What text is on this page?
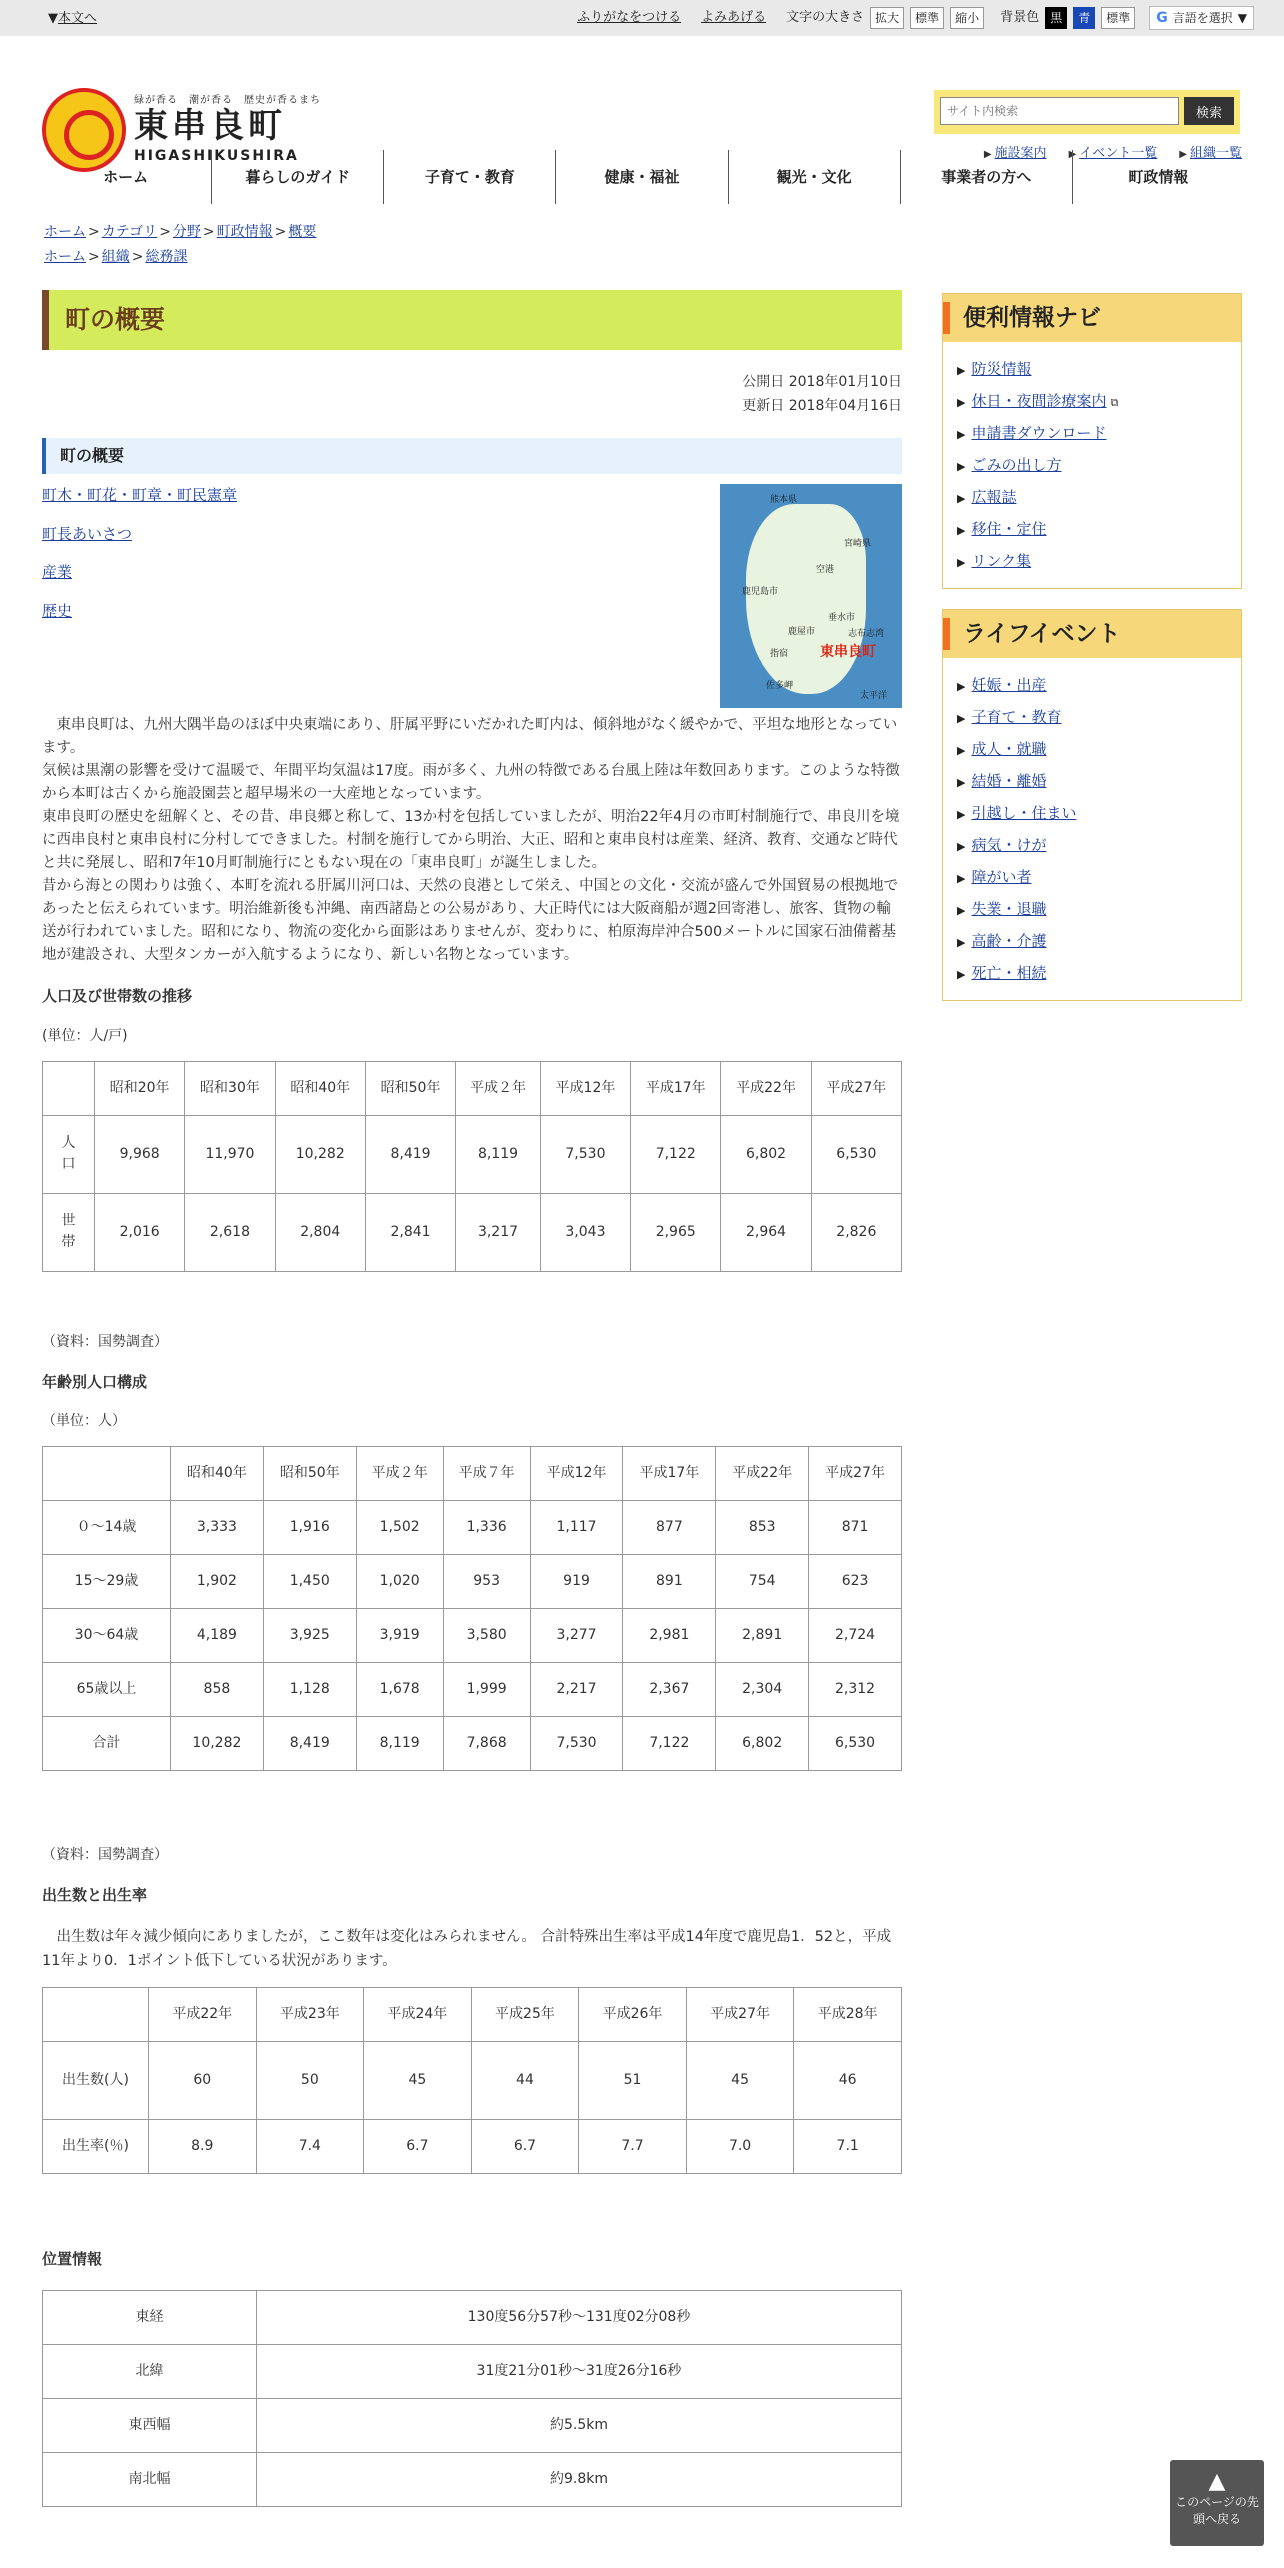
▼本文へ	ふりがなをつける よみあげる 文字の大きさ 拡大	標準	縮小	背景色 黒	青	標準	G 言語を選択 ▼
緑が香る　潮が香る　歴史が香るまち
東串良町
HIGASHIKUSHIRA
サイト内検索
検索
▶ 施設案内 ▶ イベント一覧 ▶ 組織一覧
ホーム	暮らしのガイド	子育て・教育	健康・福祉	観光・文化	事業者の方へ	町政情報
ホーム > カテゴリ > 分野 > 町政情報 > 概要
ホーム > 組織 > 総務課
町の概要
公開日 2018年01月10日
更新日 2018年04月16日
町の概要
町木・町花・町章・町民憲章
町長あいさつ
産業
歴史
熊本県
宮崎県
空港
鹿児島市
垂水市
鹿屋市	志布志湾
東串良町
指宿
佐多岬
太平洋

　東串良町は、九州大隅半島のほぼ中央東端にあり、肝属平野にいだかれた町内は、傾斜地がなく緩やかで、平坦な地形となっています。

気候は黒潮の影響を受けて温暖で、年間平均気温は17度。雨が多く、九州の特徴である台風上陸は年数回あります。このような特徴から本町は古くから施設園芸と超早場米の一大産地となっています。

東串良町の歴史を紐解くと、その昔、串良郷と称して、13か村を包括していましたが、明治22年4月の市町村制施行で、串良川を境に西串良村と東串良村に分村してできました。村制を施行してから明治、大正、昭和と東串良村は産業、経済、教育、交通など時代と共に発展し、昭和7年10月町制施行にともない現在の「東串良町」が誕生しました。

昔から海との関わりは強く、本町を流れる肝属川河口は、天然の良港として栄え、中国との文化・交流が盛んで外国貿易の根拠地であったと伝えられています。明治維新後も沖縄、南西諸島との公易があり、大正時代には大阪商船が週2回寄港し、旅客、貨物の輸送が行われていました。昭和になり、物流の変化から面影はありませんが、変わりに、柏原海岸沖合500メートルに国家石油備蓄基地が建設され、大型タンカーが入航するようになり、新しい名物となっています。

人口及び世帯数の推移
(単位：人/戸)
	昭和20年	昭和30年	昭和40年	昭和50年	平成２年	平成12年	平成17年	平成22年	平成27年
人口	9,968	11,970	10,282	8,419	8,119	7,530	7,122	6,802	6,530
世帯	2,016	2,618	2,804	2,841	3,217	3,043	2,965	2,964	2,826
（資料：国勢調査）
年齢別人口構成
（単位：人）
	昭和40年	昭和50年	平成２年	平成７年	平成12年	平成17年	平成22年	平成27年
０～14歳	3,333	1,916	1,502	1,336	1,117	877	853	871
15～29歳	1,902	1,450	1,020	953	919	891	754	623
30～64歳	4,189	3,925	3,919	3,580	3,277	2,981	2,891	2,724
65歳以上	858	1,128	1,678	1,999	2,217	2,367	2,304	2,312
合計	10,282	8,419	8,119	7,868	7,530	7,122	6,802	6,530
（資料：国勢調査）
出生数と出生率
出生数は年々減少傾向にありましたが，ここ数年は変化はみられません。 合計特殊出生率は平成14年度で鹿児島1．52と，平成11年より0．1ポイント低下している状況があります。
	平成22年	平成23年	平成24年	平成25年	平成26年	平成27年	平成28年
出生数(人)	60	50	45	44	51	45	46
出生率(％)	8.9	7.4	6.7	6.7	7.7	7.0	7.1
位置情報
東経	130度56分57秒～131度02分08秒
北緯	31度21分01秒～31度26分16秒
東西幅	約5.5km
南北幅	約9.8km
便利情報ナビ
▶ 防災情報
▶ 休日・夜間診療案内 ⧉
▶ 申請書ダウンロード
▶ ごみの出し方
▶ 広報誌
▶ 移住・定住
▶ リンク集
ライフイベント
▶ 妊娠・出産
▶ 子育て・教育
▶ 成人・就職
▶ 結婚・離婚
▶ 引越し・住まい
▶ 病気・けが
▶ 障がい者
▶ 失業・退職
▶ 高齢・介護
▶ 死亡・相続
▲
このページの先頭へ戻る
